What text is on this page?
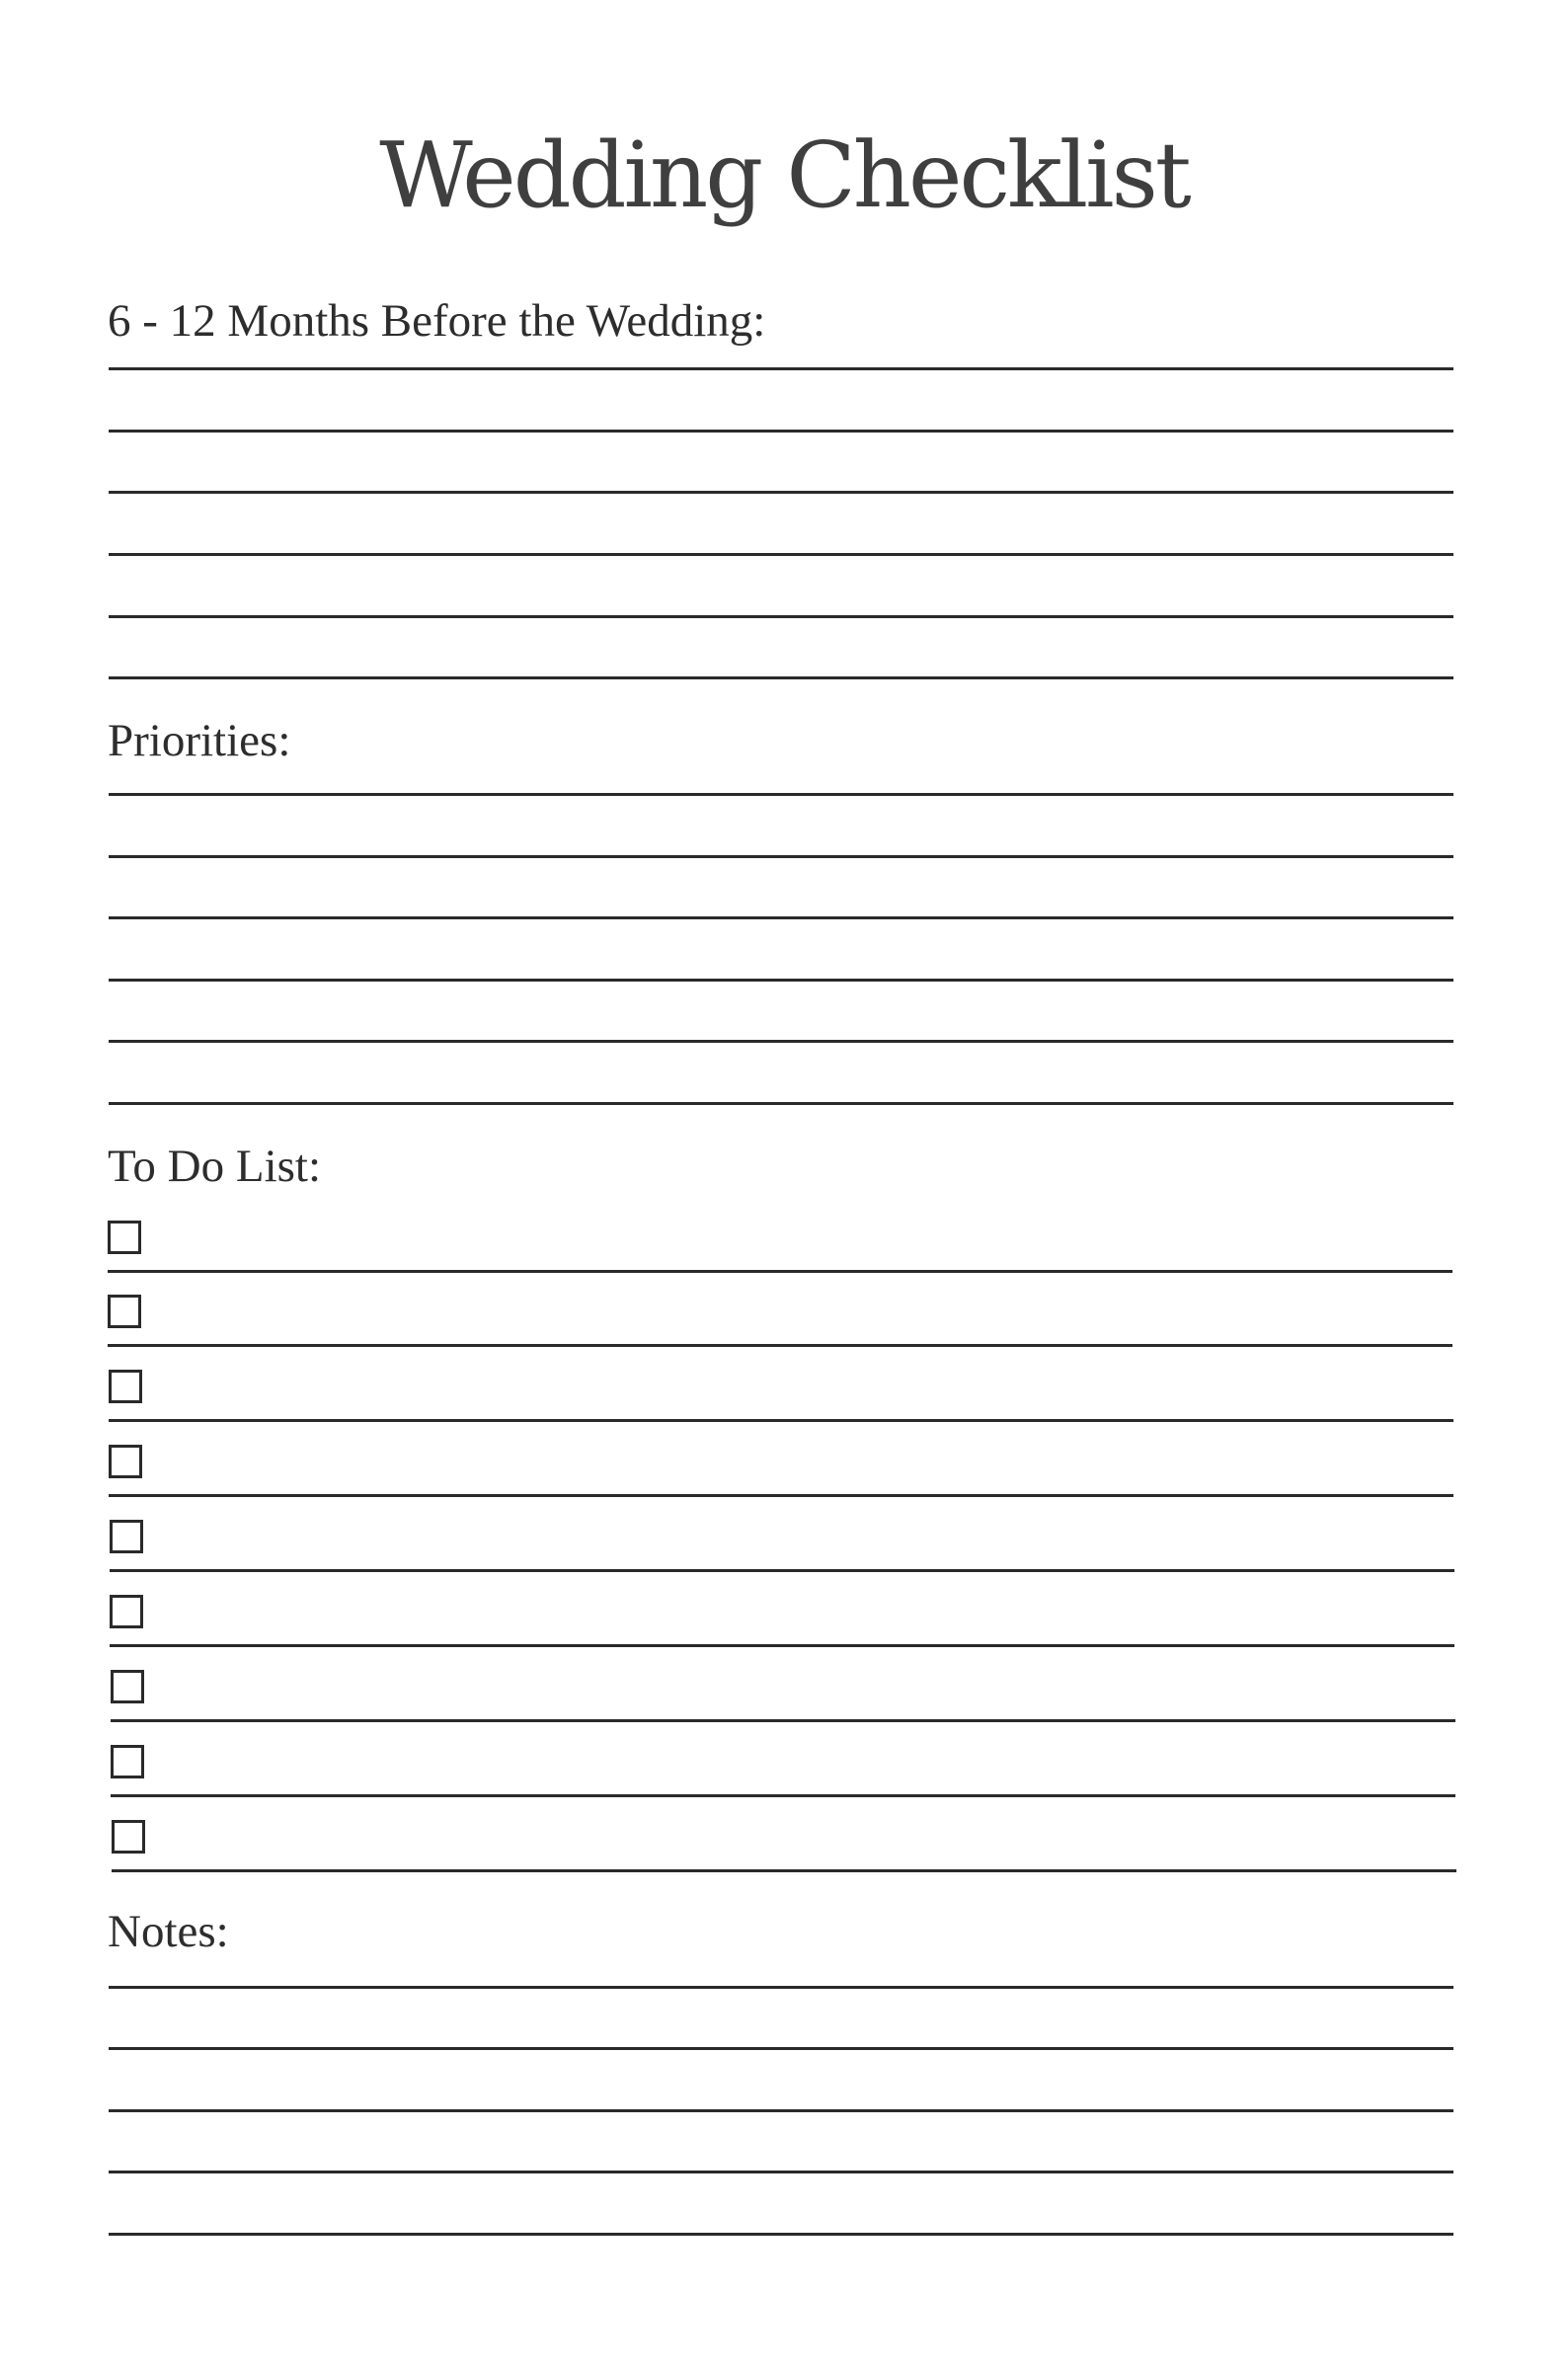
Wedding Checklist
6 - 12 Months Before the Wedding:
Priorities:
To Do List:
Notes:
